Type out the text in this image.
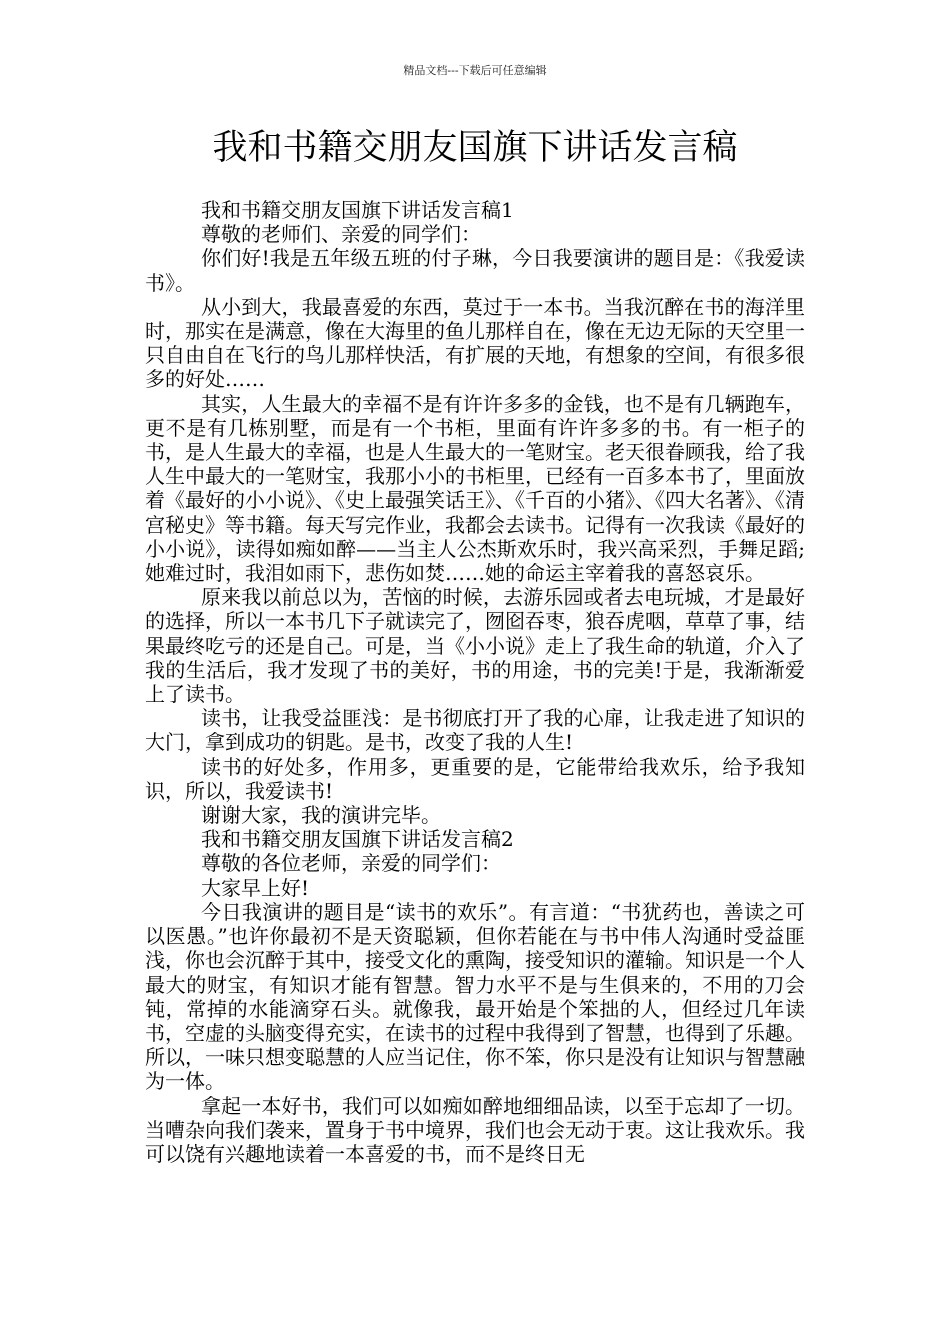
精品文档---下载后可任意编辑
我和书籍交朋友国旗下讲话发言稿

我和书籍交朋友国旗下讲话发言稿1

尊敬的老师们、亲爱的同学们：

你们好!我是五年级五班的付子琳，今日我要演讲的题目是：《我爱读书》。

从小到大，我最喜爱的东西，莫过于一本书。当我沉醉在书的海洋里时，那实在是满意，像在大海里的鱼儿那样自在，像在无边无际的天空里一只自由自在飞行的鸟儿那样快活，有扩展的天地，有想象的空间，有很多很多的好处……

其实，人生最大的幸福不是有许许多多的金钱，也不是有几辆跑车，更不是有几栋别墅，而是有一个书柜，里面有许许多多的书。有一柜子的书，是人生最大的幸福，也是人生最大的一笔财宝。老天很眷顾我，给了我人生中最大的一笔财宝，我那小小的书柜里，已经有一百多本书了，里面放着《最好的小小说》、《史上最强笑话王》、《千百的小猪》、《四大名著》、《清宫秘史》等书籍。每天写完作业，我都会去读书。记得有一次我读《最好的小小说》，读得如痴如醉——当主人公杰斯欢乐时，我兴高采烈，手舞足蹈;她难过时，我泪如雨下，悲伤如焚……她的命运主宰着我的喜怒哀乐。

原来我以前总以为，苦恼的时候，去游乐园或者去电玩城，才是最好的选择，所以一本书几下子就读完了，囫囵吞枣，狼吞虎咽，草草了事，结果最终吃亏的还是自己。可是，当《小小说》走上了我生命的轨道，介入了我的生活后，我才发现了书的美好，书的用途，书的完美!于是，我渐渐爱上了读书。

读书，让我受益匪浅：是书彻底打开了我的心扉，让我走进了知识的大门，拿到成功的钥匙。是书，改变了我的人生!

读书的好处多，作用多，更重要的是，它能带给我欢乐，给予我知识，所以，我爱读书!

谢谢大家，我的演讲完毕。

我和书籍交朋友国旗下讲话发言稿2

尊敬的各位老师，亲爱的同学们：

大家早上好!

今日我演讲的题目是“读书的欢乐”。有言道：“书犹药也，善读之可以医愚。”也许你最初不是天资聪颖，但你若能在与书中伟人沟通时受益匪浅，你也会沉醉于其中，接受文化的熏陶，接受知识的灌输。知识是一个人最大的财宝，有知识才能有智慧。智力水平不是与生俱来的，不用的刀会钝，常掉的水能滴穿石头。就像我，最开始是个笨拙的人，但经过几年读书，空虚的头脑变得充实，在读书的过程中我得到了智慧，也得到了乐趣。所以，一味只想变聪慧的人应当记住，你不笨，你只是没有让知识与智慧融为一体。

拿起一本好书，我们可以如痴如醉地细细品读，以至于忘却了一切。当嘈杂向我们袭来，置身于书中境界，我们也会无动于衷。这让我欢乐。我可以饶有兴趣地读着一本喜爱的书，而不是终日无
